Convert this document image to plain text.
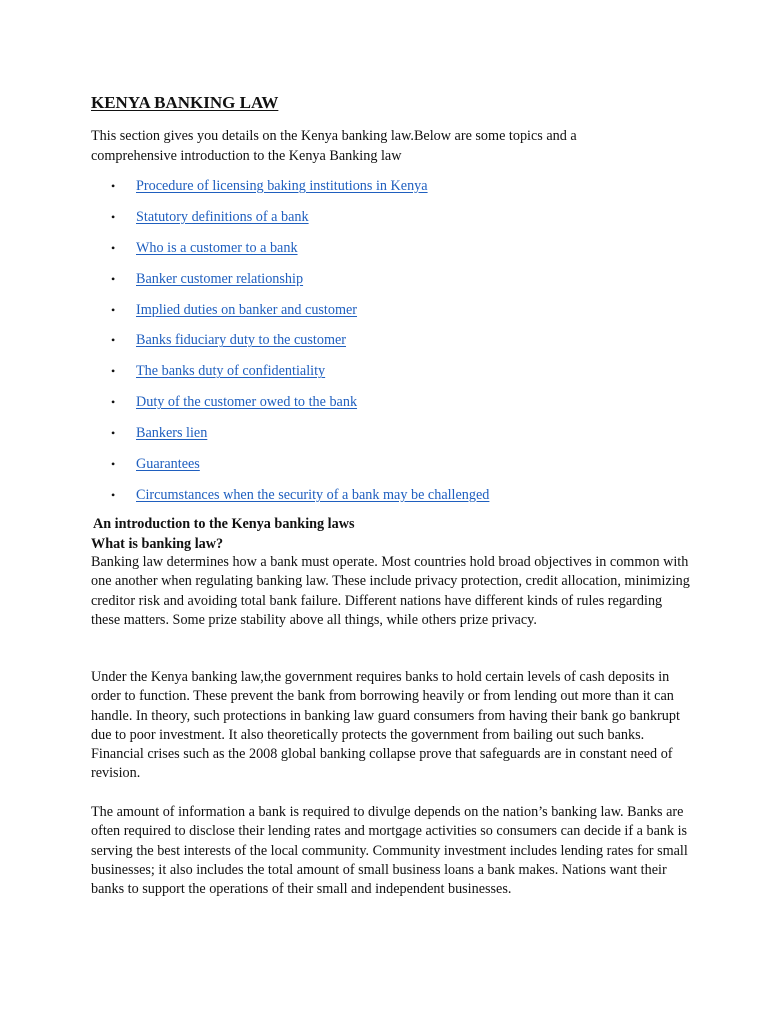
KENYA BANKING LAW

This section gives you details on the Kenya banking law.Below are some topics and a comprehensive introduction to the Kenya Banking law

• Procedure of licensing baking institutions in Kenya
• Statutory definitions of a bank
• Who is a customer to a bank
• Banker customer relationship
• Implied duties on banker and customer
• Banks fiduciary duty to the customer
• The banks duty of confidentiality
• Duty of the customer owed to the bank
• Bankers lien
• Guarantees
• Circumstances when the security of a bank may be challenged
An introduction to the Kenya banking laws
What is banking law?

Banking law determines how a bank must operate. Most countries hold broad objectives in common with one another when regulating banking law. These include privacy protection, credit allocation, minimizing creditor risk and avoiding total bank failure. Different nations have different kinds of rules regarding these matters. Some prize stability above all things, while others prize privacy.

Under the Kenya banking law,the government requires banks to hold certain levels of cash deposits in order to function. These prevent the bank from borrowing heavily or from lending out more than it can handle. In theory, such protections in banking law guard consumers from having their bank go bankrupt due to poor investment. It also theoretically protects the government from bailing out such banks. Financial crises such as the 2008 global banking collapse prove that safeguards are in constant need of revision.

The amount of information a bank is required to divulge depends on the nation’s banking law. Banks are often required to disclose their lending rates and mortgage activities so consumers can decide if a bank is serving the best interests of the local community. Community investment includes lending rates for small businesses; it also includes the total amount of small business loans a bank makes. Nations want their banks to support the operations of their small and independent businesses.
